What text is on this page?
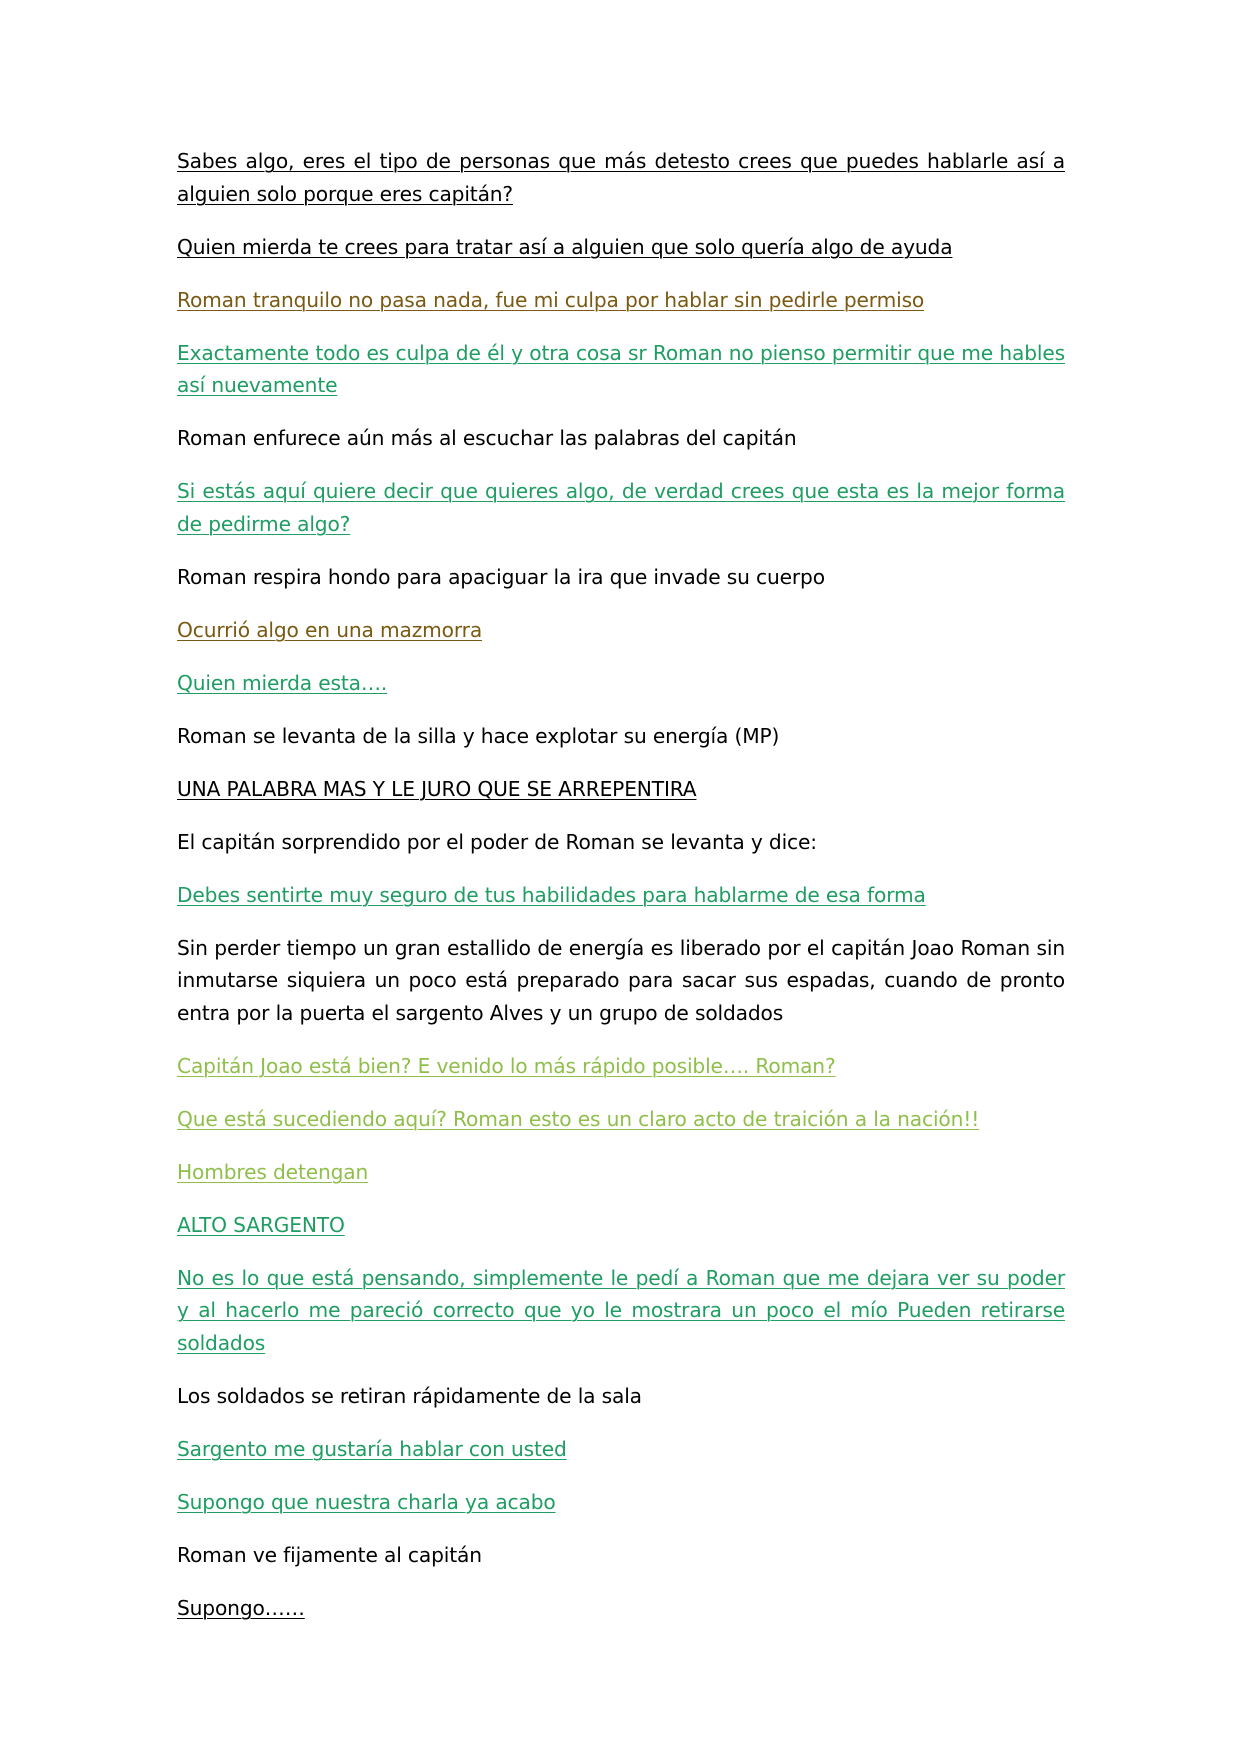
Sabes algo, eres el tipo de personas que más detesto crees que puedes hablarle así a alguien solo porque eres capitán?

Quien mierda te crees para tratar así a alguien que solo quería algo de ayuda

Roman tranquilo no pasa nada, fue mi culpa por hablar sin pedirle permiso

Exactamente todo es culpa de él y otra cosa sr Roman no pienso permitir que me hables así nuevamente

Roman enfurece aún más al escuchar las palabras del capitán

Si estás aquí quiere decir que quieres algo, de verdad crees que esta es la mejor forma de pedirme algo?

Roman respira hondo para apaciguar la ira que invade su cuerpo

Ocurrió algo en una mazmorra

Quien mierda esta….

Roman se levanta de la silla y hace explotar su energía (MP)

UNA PALABRA MAS Y LE JURO QUE SE ARREPENTIRA

El capitán sorprendido por el poder de Roman se levanta y dice:

Debes sentirte muy seguro de tus habilidades para hablarme de esa forma

Sin perder tiempo un gran estallido de energía es liberado por el capitán Joao Roman sin inmutarse siquiera un poco está preparado para sacar sus espadas, cuando de pronto entra por la puerta el sargento Alves y un grupo de soldados

Capitán Joao está bien? E venido lo más rápido posible…. Roman?

Que está sucediendo aquí? Roman esto es un claro acto de traición a la nación!!

Hombres detengan

ALTO SARGENTO

No es lo que está pensando, simplemente le pedí a Roman que me dejara ver su poder y al hacerlo me pareció correcto que yo le mostrara un poco el mío Pueden retirarse soldados

Los soldados se retiran rápidamente de la sala

Sargento me gustaría hablar con usted

Supongo que nuestra charla ya acabo

Roman ve fijamente al capitán

Supongo……
